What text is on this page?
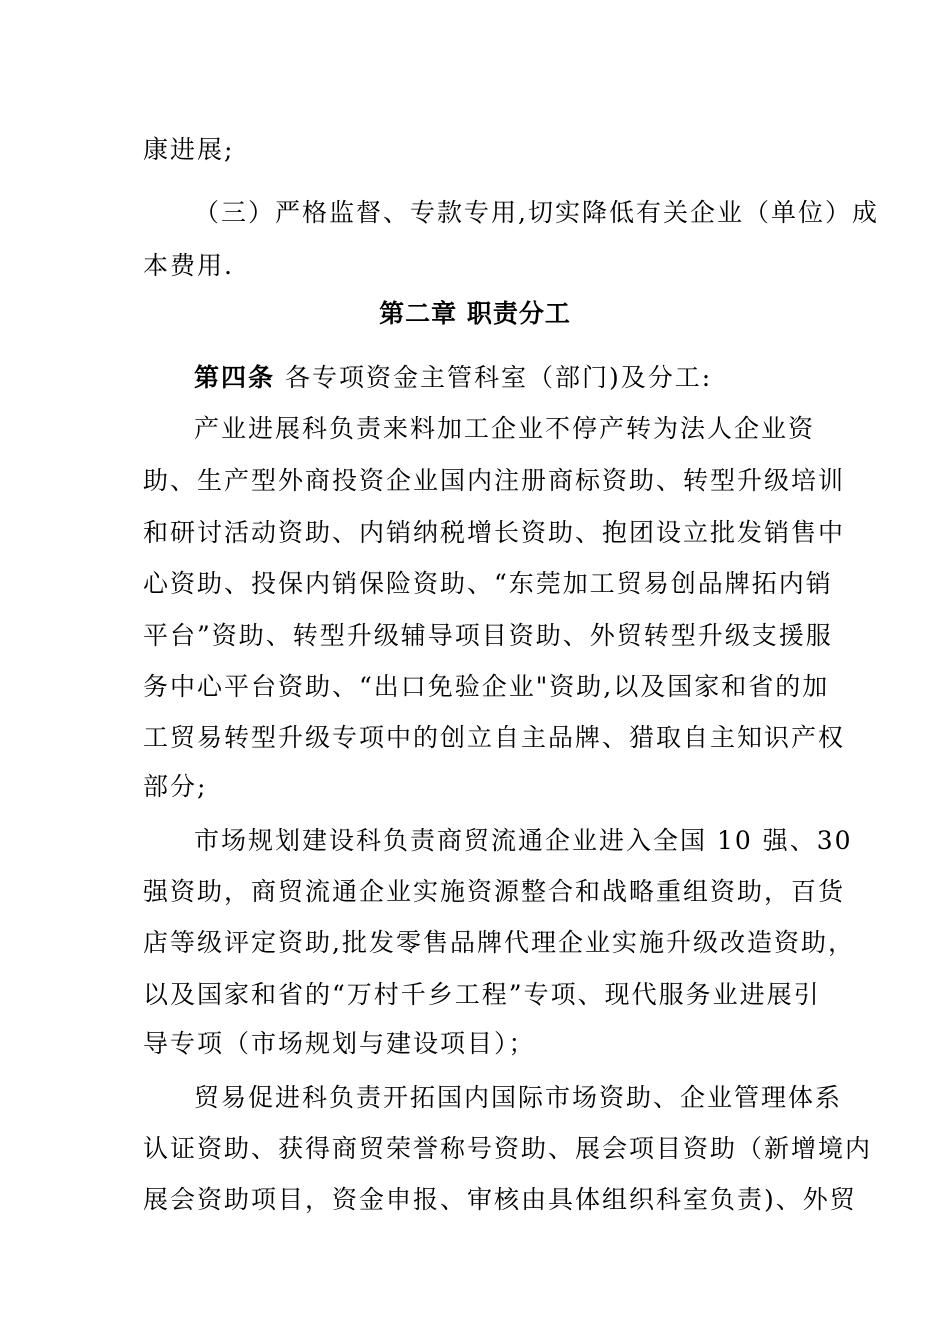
康进展;
（三）严格监督、专款专用,切实降低有关企业（单位）成
本费用.
第二章 职责分工
第四条 各专项资金主管科室（部门)及分工:
产业进展科负责来料加工企业不停产转为法人企业资
助、生产型外商投资企业国内注册商标资助、转型升级培训
和研讨活动资助、内销纳税增长资助、抱团设立批发销售中
心资助、投保内销保险资助、“东莞加工贸易创品牌拓内销
平台”资助、转型升级辅导项目资助、外贸转型升级支援服
务中心平台资助、“出口免验企业"资助,以及国家和省的加
工贸易转型升级专项中的创立自主品牌、猎取自主知识产权
部分;
市场规划建设科负责商贸流通企业进入全国 10 强、30
强资助，商贸流通企业实施资源整合和战略重组资助，百货
店等级评定资助,批发零售品牌代理企业实施升级改造资助，
以及国家和省的“万村千乡工程”专项、现代服务业进展引
导专项（市场规划与建设项目）；
贸易促进科负责开拓国内国际市场资助、企业管理体系
认证资助、获得商贸荣誉称号资助、展会项目资助（新增境内
展会资助项目，资金申报、审核由具体组织科室负责)、外贸
